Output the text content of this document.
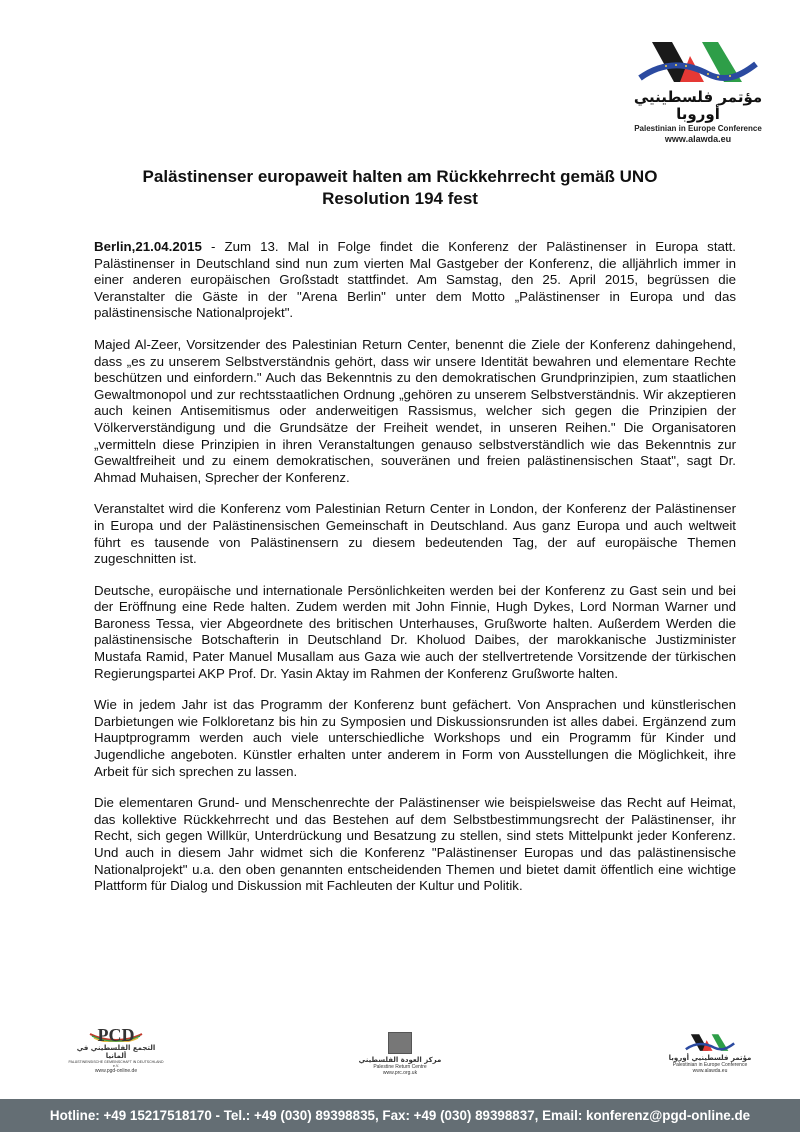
مؤتمر فلسطينيي أوروبا
Palestinian in Europe Conference
www.alawda.eu
Palästinenser europaweit halten am Rückkehrrecht gemäß UNO
Resolution 194 fest

Berlin,21.04.2015 - Zum 13. Mal in Folge findet die Konferenz der Palästinenser in Europa statt. Palästinenser in Deutschland sind nun zum vierten Mal Gastgeber der Konferenz, die alljährlich immer in einer anderen europäischen Großstadt stattfindet. Am Samstag, den 25. April 2015, begrüssen die Veranstalter die Gäste in der "Arena Berlin" unter dem Motto „Palästinenser in Europa und das palästinensische Nationalprojekt".

Majed Al-Zeer, Vorsitzender des Palestinian Return Center, benennt die Ziele der Konferenz dahingehend, dass „es zu unserem Selbstverständnis gehört, dass wir unsere Identität bewahren und elementare Rechte beschützen und einfordern." Auch das Bekenntnis zu den demokratischen Grundprinzipien, zum staatlichen Gewaltmonopol und zur rechtsstaatlichen Ordnung „gehören zu unserem Selbstverständnis. Wir akzeptieren auch keinen Antisemitismus oder anderweitigen Rassismus, welcher sich gegen die Prinzipien der Völkerverständigung und die Grundsätze der Freiheit wendet, in unseren Reihen." Die Organisatoren „vermitteln diese Prinzipien in ihren Veranstaltungen genauso selbstverständlich wie das Bekenntnis zur Gewaltfreiheit und zu einem demokratischen, souveränen und freien palästinensischen Staat", sagt Dr. Ahmad Muhaisen, Sprecher der Konferenz.

Veranstaltet wird die Konferenz vom Palestinian Return Center in London, der Konferenz der Palästinenser in Europa und der Palästinensischen Gemeinschaft in Deutschland. Aus ganz Europa und auch weltweit führt es tausende von Palästinensern zu diesem bedeutenden Tag, der auf europäische Themen zugeschnitten ist.

Deutsche, europäische und internationale Persönlichkeiten werden bei der Konferenz zu Gast sein und bei der Eröffnung eine Rede halten. Zudem werden mit John Finnie, Hugh Dykes, Lord Norman Warner und Baroness Tessa, vier Abgeordnete des britischen Unterhauses, Grußworte halten. Außerdem Werden die palästinensische Botschafterin in Deutschland Dr. Kholuod Daibes, der marokkanische Justizminister Mustafa Ramid, Pater Manuel Musallam aus Gaza wie auch der stellvertretende Vorsitzende der türkischen Regierungspartei AKP Prof. Dr. Yasin Aktay im Rahmen der Konferenz Grußworte halten.

Wie in jedem Jahr ist das Programm der Konferenz bunt gefächert. Von Ansprachen und künstlerischen Darbietungen wie Folkloretanz bis hin zu Symposien und Diskussionsrunden ist alles dabei. Ergänzend zum Hauptprogramm werden auch viele unterschiedliche Workshops und ein Programm für Kinder und Jugendliche angeboten. Künstler erhalten unter anderem in Form von Ausstellungen die Möglichkeit, ihre Arbeit für sich sprechen zu lassen.

Die elementaren Grund- und Menschenrechte der Palästinenser wie beispielsweise das Recht auf Heimat, das kollektive Rückkehrrecht und das Bestehen auf dem Selbstbestimmungsrecht der Palästinenser, ihr Recht, sich gegen Willkür, Unterdrückung und Besatzung zu stellen, sind stets Mittelpunkt jeder Konferenz. Und auch in diesem Jahr widmet sich die Konferenz "Palästinenser Europas und das palästinensische Nationalprojekt" u.a. den oben genannten entscheidenden Themen und bietet damit öffentlich eine wichtige Plattform für Dialog und Diskussion mit Fachleuten der Kultur und Politik.

PCD
التجمع الفلسطيني في ألمانيا
PALÄSTINENSISCHE GEMEINSCHAFT IN DEUTSCHLAND e.V.
www.pgd-online.de
مركز العودة الفلسطيني
Palestine Return Centre
www.prc.org.uk
مؤتمر فلسطينيي أوروبا
Palestinian in Europe Conference
www.alawda.eu
Hotline: +49 15217518170 - Tel.: +49 (030) 89398835, Fax: +49 (030) 89398837, Email: konferenz@pgd-online.de
